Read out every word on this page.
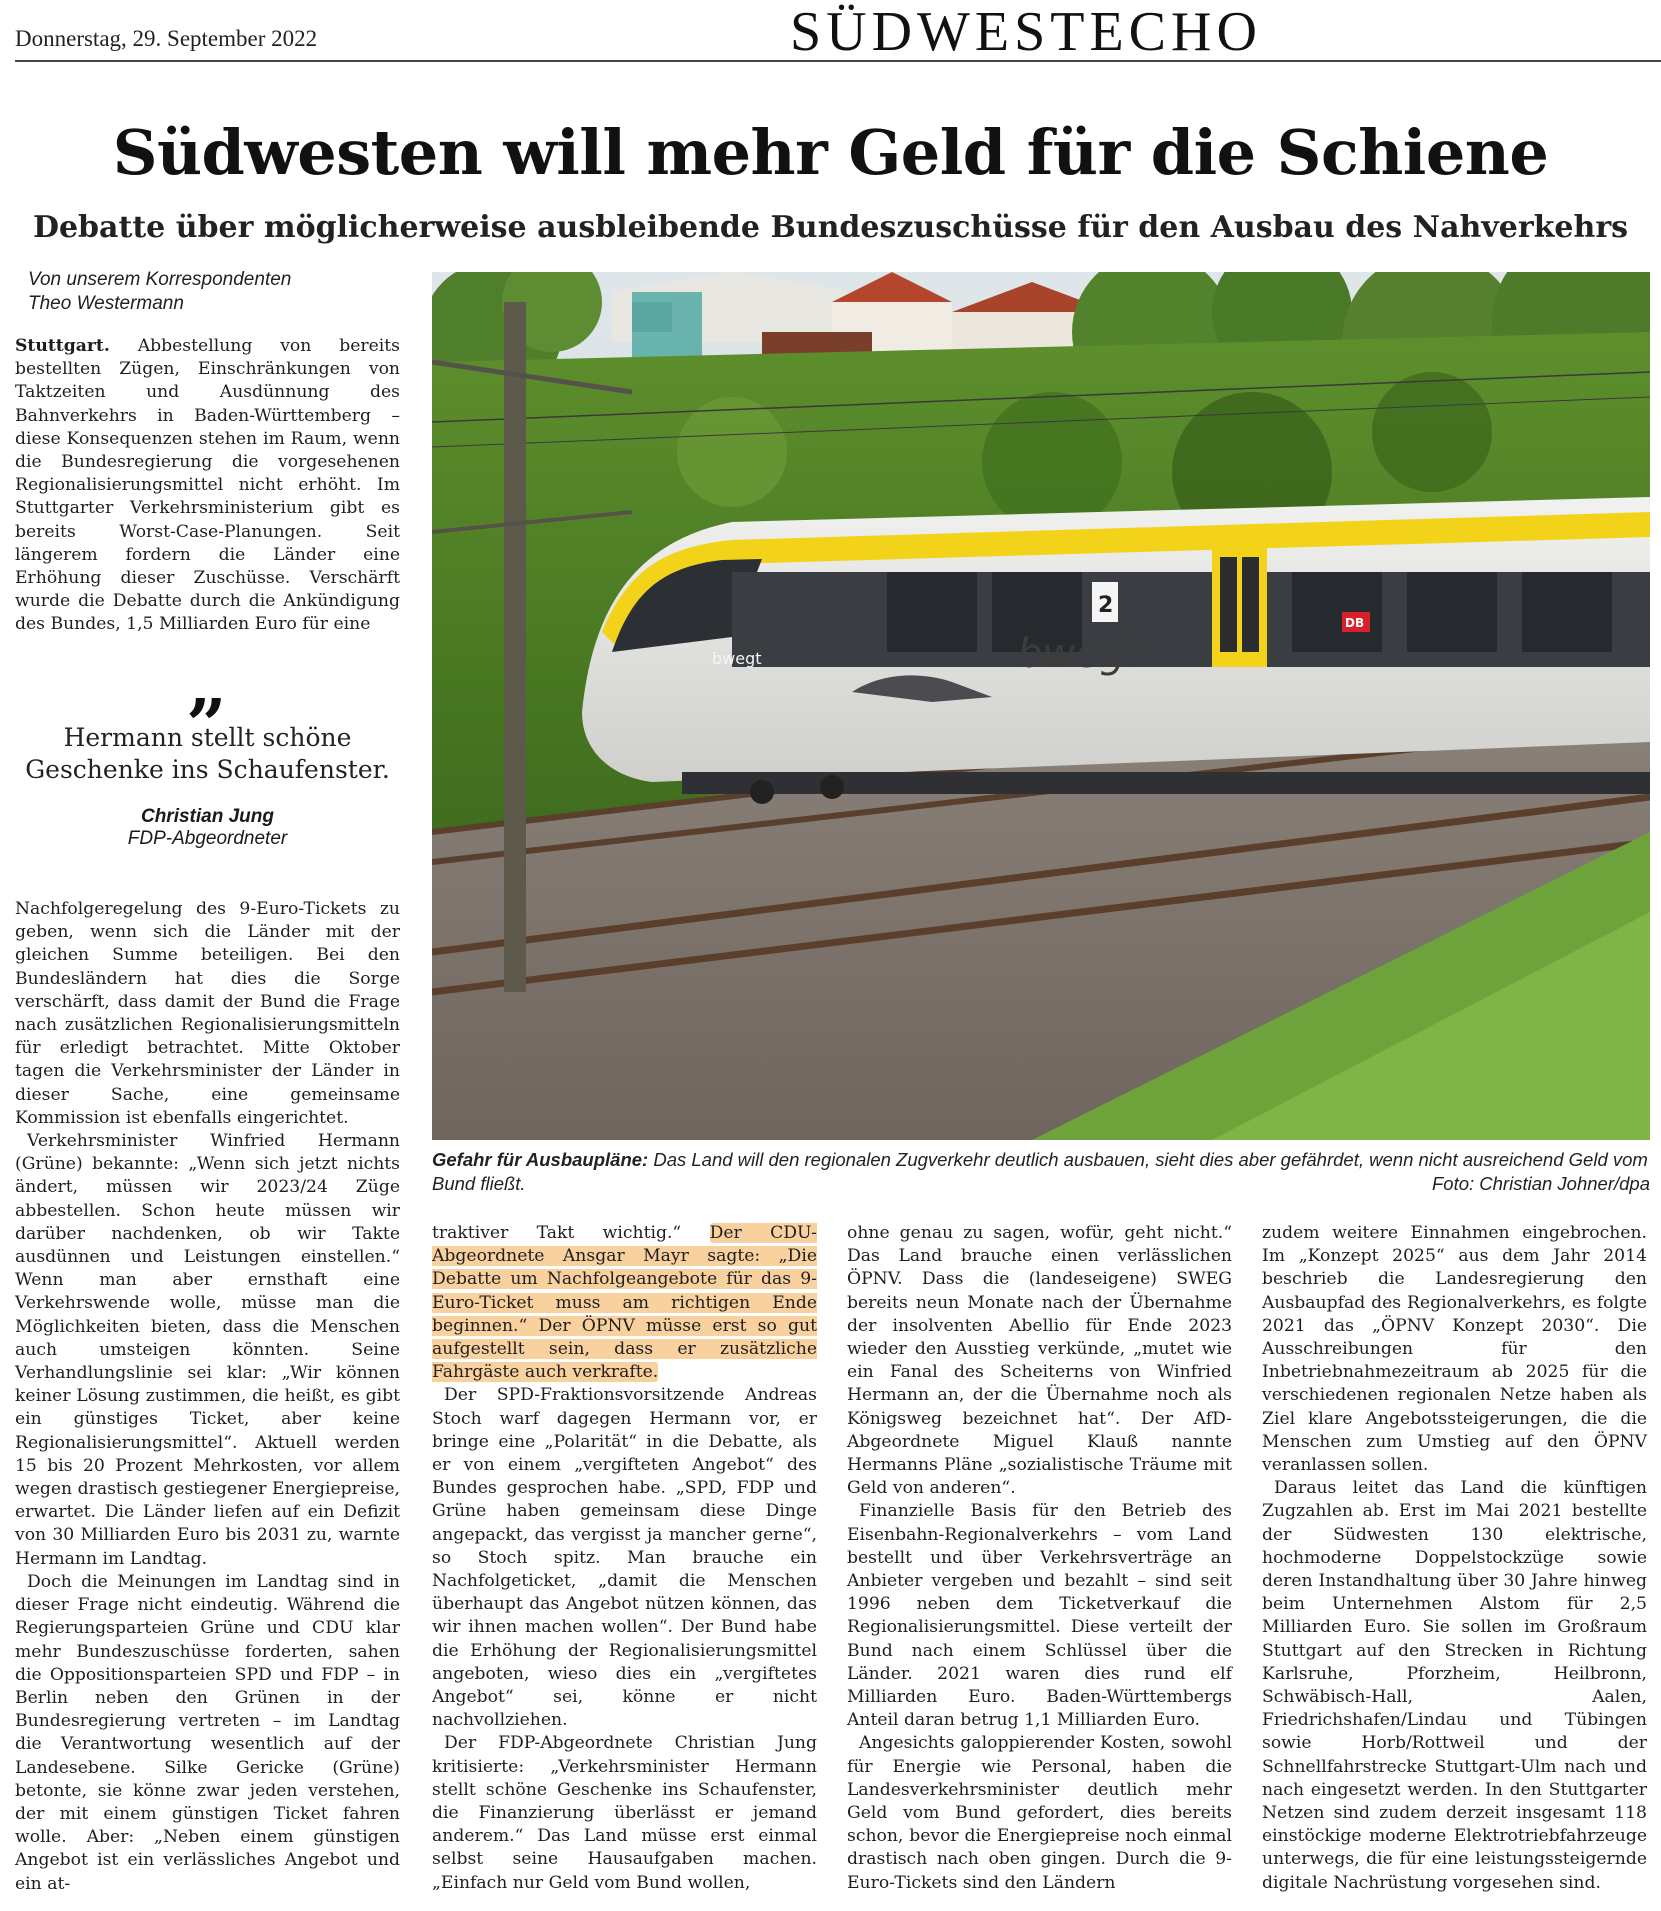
Donnerstag, 29. September 2022	SÜDWESTECHO
Südwesten will mehr Geld für die Schiene
Debatte über möglicherweise ausbleibende Bundeszuschüsse für den Ausbau des Nahverkehrs
Von unserem Korrespondenten
Theo Westermann

Stuttgart. Abbestellung von bereits bestellten Zügen, Einschränkungen von Taktzeiten und Ausdünnung des Bahnverkehrs in Baden-Württemberg – diese Konsequenzen stehen im Raum, wenn die Bundesregierung die vorgesehenen Regionalisierungsmittel nicht erhöht. Im Stuttgarter Verkehrsministerium gibt es bereits Worst-Case-Planungen. Seit längerem fordern die Länder eine Erhöhung dieser Zuschüsse. Verschärft wurde die Debatte durch die Ankündigung des Bundes, 1,5 Milliarden Euro für eine

„
Hermann stellt schöne Geschenke ins Schaufenster.
Christian Jung
FDP-Abgeordneter

Nachfolgeregelung des 9-Euro-Tickets zu geben, wenn sich die Länder mit der gleichen Summe beteiligen. Bei den Bundesländern hat dies die Sorge verschärft, dass damit der Bund die Frage nach zusätzlichen Regionalisierungsmitteln für erledigt betrachtet. Mitte Oktober tagen die Verkehrsminister der Länder in dieser Sache, eine gemeinsame Kommission ist ebenfalls eingerichtet.

Verkehrsminister Winfried Hermann (Grüne) bekannte: „Wenn sich jetzt nichts ändert, müssen wir 2023/24 Züge abbestellen. Schon heute müssen wir darüber nachdenken, ob wir Takte ausdünnen und Leistungen einstellen.“ Wenn man aber ernsthaft eine Verkehrswende wolle, müsse man die Möglichkeiten bieten, dass die Menschen auch umsteigen könnten. Seine Verhandlungslinie sei klar: „Wir können keiner Lösung zustimmen, die heißt, es gibt ein günstiges Ticket, aber keine Regionalisierungsmittel“. Aktuell werden 15 bis 20 Prozent Mehrkosten, vor allem wegen drastisch gestiegener Energiepreise, erwartet. Die Länder liefen auf ein Defizit von 30 Milliarden Euro bis 2031 zu, warnte Hermann im Landtag.

Doch die Meinungen im Landtag sind in dieser Frage nicht eindeutig. Während die Regierungsparteien Grüne und CDU klar mehr Bundeszuschüsse forderten, sahen die Oppositionsparteien SPD und FDP – in Berlin neben den Grünen in der Bundesregierung vertreten – im Landtag die Verantwortung wesentlich auf der Landesebene. Silke Gericke (Grüne) betonte, sie könne zwar jeden verstehen, der mit einem günstigen Ticket fahren wolle. Aber: „Neben einem günstigen Angebot ist ein verlässliches Angebot und ein at-

2
bwegt
bwegt
DB
Gefahr für Ausbaupläne: Das Land will den regionalen Zugverkehr deutlich ausbauen, sieht dies aber gefährdet, wenn nicht ausreichend Geld vom Bund fließt.	Foto: Christian Johner/dpa

traktiver Takt wichtig.“ Der CDU-Abgeordnete Ansgar Mayr sagte: „Die Debatte um Nachfolgeangebote für das 9-Euro-Ticket muss am richtigen Ende beginnen.“ Der ÖPNV müsse erst so gut aufgestellt sein, dass er zusätzliche Fahrgäste auch verkrafte.

Der SPD-Fraktionsvorsitzende Andreas Stoch warf dagegen Hermann vor, er bringe eine „Polarität“ in die Debatte, als er von einem „vergifteten Angebot“ des Bundes gesprochen habe. „SPD, FDP und Grüne haben gemeinsam diese Dinge angepackt, das vergisst ja mancher gerne“, so Stoch spitz. Man brauche ein Nachfolgeticket, „damit die Menschen überhaupt das Angebot nützen können, das wir ihnen machen wollen“. Der Bund habe die Erhöhung der Regionalisierungsmittel angeboten, wieso dies ein „vergiftetes Angebot“ sei, könne er nicht nachvollziehen.

Der FDP-Abgeordnete Christian Jung kritisierte: „Verkehrsminister Hermann stellt schöne Geschenke ins Schaufenster, die Finanzierung überlässt er jemand anderem.“ Das Land müsse erst einmal selbst seine Hausaufgaben machen. „Einfach nur Geld vom Bund wollen,

ohne genau zu sagen, wofür, geht nicht.“ Das Land brauche einen verlässlichen ÖPNV. Dass die (landeseigene) SWEG bereits neun Monate nach der Übernahme der insolventen Abellio für Ende 2023 wieder den Ausstieg verkünde, „mutet wie ein Fanal des Scheiterns von Winfried Hermann an, der die Übernahme noch als Königsweg bezeichnet hat“. Der AfD-Abgeordnete Miguel Klauß nannte Hermanns Pläne „sozialistische Träume mit Geld von anderen“.

Finanzielle Basis für den Betrieb des Eisenbahn-Regionalverkehrs – vom Land bestellt und über Verkehrsverträge an Anbieter vergeben und bezahlt – sind seit 1996 neben dem Ticketverkauf die Regionalisierungsmittel. Diese verteilt der Bund nach einem Schlüssel über die Länder. 2021 waren dies rund elf Milliarden Euro. Baden-Württembergs Anteil daran betrug 1,1 Milliarden Euro.

Angesichts galoppierender Kosten, sowohl für Energie wie Personal, haben die Landesverkehrsminister deutlich mehr Geld vom Bund gefordert, dies bereits schon, bevor die Energiepreise noch einmal drastisch nach oben gingen. Durch die 9-Euro-Tickets sind den Ländern

zudem weitere Einnahmen eingebrochen. Im „Konzept 2025“ aus dem Jahr 2014 beschrieb die Landesregierung den Ausbaupfad des Regionalverkehrs, es folgte 2021 das „ÖPNV Konzept 2030“. Die Ausschreibungen für den Inbetriebnahmezeitraum ab 2025 für die verschiedenen regionalen Netze haben als Ziel klare Angebotssteigerungen, die die Menschen zum Umstieg auf den ÖPNV veranlassen sollen.

Daraus leitet das Land die künftigen Zugzahlen ab. Erst im Mai 2021 bestellte der Südwesten 130 elektrische, hochmoderne Doppelstockzüge sowie deren Instandhaltung über 30 Jahre hinweg beim Unternehmen Alstom für 2,5 Milliarden Euro. Sie sollen im Großraum Stuttgart auf den Strecken in Richtung Karlsruhe, Pforzheim, Heilbronn, Schwäbisch-Hall, Aalen, Friedrichshafen/Lindau und Tübingen sowie Horb/Rottweil und der Schnellfahrstrecke Stuttgart-Ulm nach und nach eingesetzt werden. In den Stuttgarter Netzen sind zudem derzeit insgesamt 118 einstöckige moderne Elektrotriebfahrzeuge unterwegs, die für eine leistungssteigernde digitale Nachrüstung vorgesehen sind.
